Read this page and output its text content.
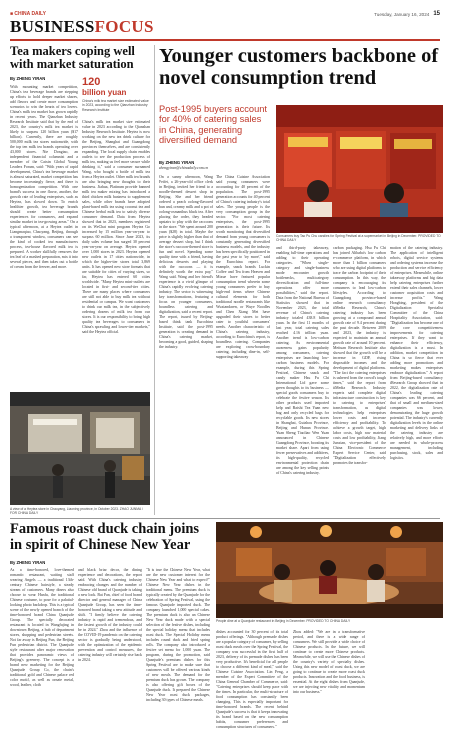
■ CHINA DAILY	Tuesday, January 16, 2024 15
BUSINESSFOCUS
Tea makers coping well with market saturation
By ZHENG YIRAN	120
billion yuan
China's milk tea market size estimated value in 2023, according to the Qianzhan Industry Research Institute
With mounting market competition, China's tea beverage brands are stepping up efforts to hold deeper market shares, add flavors and create more consumption scenarios to win the hearts of tea lovers. China's milk tea market has grown rapidly in recent years. The Qianzhan Industry Research Institute said that by the end of 2023, the country's milk tea market is likely to surpass 120 billion yuan ($17 billion). Currently, there are roughly 500,000 milk tea stores nationwide, with the top ten milk tea brands operating over 43,000 stores. Nie Dongtao, an independent financial columnist and a member of the Caixin Global Young Leaders Forum, said: "With years of rapid development, China's tea beverage market is almost saturated, market competition has become increasingly fierce, and there is homogenization competition. With one brand's success in one flavor, another, the growth rate of leading enterprises, such as Heytea, has slowed down. To enrich healthier growth, tea beverage brands should create better consumption experiences for consumers, and expand similar market in tea-growing areas." On a typical afternoon, at a Heytea outlet in Liangmaqiao, Chaoyang, Beijing, through a transparent window, consumers can see the kind of cooked tea manufacturers process, tea-house flavored milk tea is prepared. A worker skillfully removes the tea leaf of a mashed preparation, mix it into several pieces, and then takes out a bottle of cream from the freezer, and more.
China's milk tea market size estimated value in 2023 according to the Qianzhan Industry Research Institute. Heytea is now working on the new tea drink culture for the Beijing, Shanghai and Guangdong provinces themselves, and are consistently expanding. The local supply chain enables outlets to see the production process of milk tea, making us feel more secure while drinking it," said a consumer surnamed Wang, who bought a bottle of milk tea from a Heytea outlet. Other milk tea brands are also bringing new thoughts to their business. Jiahua, Platinum provide banned milk tea maker mixing has introduced a third chicken milk business to supplement sales, while other brands have adopted plant-based milk tea using coconut tea and Chinese herbal milk tea to satisfy diverse consumer demand. Data from Heytea showed that in 2023, members registered on its WeChat mini program Heytea Go increased by 15 million year-on-year to surpass 60 million. Since June 2023, its daily sales volume has surged 30 percent year-on-year on average. Heytea opened over 1,000 stores in 2023. Heytea opened new outlets in 17 cities nationwide, in which the higher-tier stores total 3,869 units. It has opened new store formats that are suitable for cities of varying sizes, so far, Heytea has entered 60 cities worldwide. "Many Heytea mini-outlets are located in first- and second-tier cities. There are many places where consumers are still not able to buy milk tea without residential or campus. We want customers to drink our milk tea, in the subjectively ordering dozens of milk tea from our stores. It is our responsibility to bring high quality tea beverages to consumers in China's sprawling and lower-tier markets," said the Heytea official.
A view of a Heytea store in Chaoyang, Liaoning province, in October 2023. ZHAO JUNMA / FOR CHINA DAILY
Younger customers backbone of novel consumption trend
Post-1995 buyers account for 40% of catering sales in China, generating diversified demand
By ZHENG YIRAN
zhengyiran@chinadaily.com.cn
On a sunny afternoon, Wang Feifei, a 26-year-old office clerk in Beijing, invited her friend to a noodle-themed dessert shop in Beijing. She and her friend ordered a peach oolong-flavored bun and, creamy milk and a pot of oolong-osmanthus black tea. After placing the order, they headed upstairs to play with the raccoons in the store. "We spent around 200 yuan ($28) in total. Maybe the price is slightly higher than that of average dessert shop, but I think the store's raccoon-themed store is fun and novel. Spending some quality time with a friend, having delicious desserts and playing with the raccoons — it is definitely worth the extra pay," Wang said. Wang and her friend's experience is a vivid glimpse of China's rapidly evolving catering industry. The sector is witnessing key transformations, featuring a focus on younger consumers, boundless catering and digitalization, said a recent report. The report, issued by Beijing-based think tank Eurochina Institute, said the post-1995 generation is creating demand in China's catering market, becoming a good, guided, shaping the industry.
The China Cuisine Association said young consumers were accounting for 40 percent of the population. The post-1995 generation accounts for 40 percent of China's catering industry's total sales. The young people is the very consumption group in the sector. "For most catering enterprises, the post-1995 generation is their future. Its worth monitoring that diversified demand from young consumers is constantly generating diversified business models, and the industry has been specifically positioned in the past year to 'try more'," said the Eurochina report. For example, snack brands Luckin Coffee and Tea from Heaven and Mixue have featured popular consumption trend wherein some young consumers prefer to buy high-end items where Chinese cultural elements for both traditional noodle restaurants like Wuxiandaren, or Wuye Noodles and Chen Xiang Mei have upgraded their stores to better cater to youthful consumers' needs. Another characteristic of China's catering industry, according to Eurochina's report, is boundless catering. Companies are exploring cross-boundary catering, including dine-in, self-supporting takeaway
Consumers buy Tao Pu Chu candies for Spring Festival at a supermarket in Beijing in December. PROVIDED TO CHINA DAILY
and third-party takeaway, enabling full-time operations and adding to their operating categories. "When single-category and single-business mode encounter growth bottlenecks, multicategory diversification and full-time operations offer more possibilities," said the report. Data from the National Bureau of Statistics showed that in November 2023, the total revenue of China's catering industry totaled 438.8 billion yuan. In the first 11 months of last year, total catering sales reached 4.16 trillion yuan. Another trend is low-carbon catering. As environmental awareness gains popularity among consumers, catering enterprises are launching low-carbon business models. For example, during this Spring Festival, Chinese snack and candy maker Hsu Fu Chi International Ltd gave some green thoughts to its business — special goods consumers buy to celebrate the festive season. Its other products used imported kelp and Baishi Tea Yuan new bag and only recycled bags for recyclable goods. Its new stores in Shanghai, Guizhou Province, Beijing and Hunan Province. Yuan Sheng Tiaoliao Wen Yuan announced in Chinese Guangdong Province, boosting its market share. Apart from using fewer preservatives and additives, its high-quality, recycled environmental protection chain are among the key selling points of China's catering industry.
carbon packaging. Hsu Fu Chi has joined Alibaba's low carbon e-commerce platform, in which more than 1 billion consumers who are using digital platforms to trace the carbon footprint of their consumption. In this way, the company is encouraging its consumers to lead low-carbon lifestyles. According to Guangdong province-based online research consultancy iiMedia Research, China's catering industry has been growing at a compound annual growth rate of 9.4 percent during the past decade. Between 2009 and 2023, the industry is expected to maintain an annual growth rate of around 10 percent. Meituan Research Institute also showed that the growth will be a increase in GDP, rising disposable incomes and the development of digital platforms. "The fact the catering enterprises is ushered from the crowd's tough times," said the report from iiMedia Research. Industry experts said complete digital infrastructure construction is key to catering to enterprises' transformation, as digital technologies help enterprises lower costs and increase efficiency and profitability. To achieve a growth target, high labor costs, high raw material costs and low profitability, Jiang Junxian, vice-president of the China Electronic Commerce Expert Service Center, said "Digitalization effectively promotes the transfor-
mation of the catering industry. The application of intelligent robots, digital service systems and ordering systems increase the production and service efficiency of enterprises. Meanwhile, online takeaway platforms and big data help catering enterprises further extend their sales channels, lower customer acquisition costs and increase profits." Wang Hongbing, president of the Digitalization Specialist Committee of the China Hospitality Association, said: "Digitalization has become one of the core competitiveness improvements for catering enterprises. If they want to enhance their efficiency, digitalization is a must. In addition, market competition in China is so fierce that ever adding more promotions and marketing makes enterprises embrace digitalization." A report from Beijing-based consultancy iResearch Group showed that in 2022, the digitalization rate of China's leading catering companies was 66 percent, and that of small and medium-sized companies was lower, demonstrating the huge growth potential. The industry's currently digitalization levels in the online marketing and delivery links of the catering industry are relatively high, and more efforts are needed in whole-process management, including purchasing, stock, sales and logistics.
Famous roast duck chain joins in spirit of Chinese New Year
By ZHENG YIRAN
As a time-honored, love-themed romantic restaurant, waiting staff wearing Angels — a traditional 13th-century Chinese hairstyle, a steady stream of customers. Many diners also choose to wear Hanfu, the traditional Chinese costume, to pose for a palatial-looking photo backdrop. This is a typical scene of the newly opened branch of the time-honored brand China Quanjude Group. The specially decorated restaurant is located in Wangfujing in downtown Beijing, a hub of department stores, shopping and pedestrian streets. Not far away is Beijing Fun, the Beijing Fun pedestrian district. The Quanjude style restaurant after major renovation that provides panoramic views of Beijing's greenery. The concept is a brand new marketing for the Beijing Quanjude Group Co, the chain's traditional gold and Chinese palace red color motif, as well as ornate metal, wood, leather, cloth
and black briar decor, the dining experience and decorations, the report said. With China's catering industry embracing changes and the number of Chinese old brand of Quanjude is taking a new look. Bai Fan, chief of food brand director and general manager of China Quanjude Group, has seen the time-honored brand taking a new attitude and shift. "I firmly believe the catering industry is rapid and tremendous, and the fastest growth of the industry could be in 2024." Zhou and the influence of the COVID-19 pandemic on the catering sector is gradually being understood, with the optimization of the epidemic prevention and control measures, the catering industry will certainly rise back in 2024.
"It is true the Chinese New Year, what are the new customer interest for the Chinese New Year and what to expect?" Chinese New Year dishes in the traditional menu. The premium duck is typically created by the Quanjude for the celebration of Spring Festival, using the famous Quanjude imported duck. The company launched 1,000 special cakes. The premium duck is also an Chinese New Year duck made with a special selection of the festive dishes, including the special holiday menu that includes roast duck. The Special Holiday menu includes round duck and fried spring rolls. The company also introduced a festive set menu for 1,000 yuan. The program, during the promotion, said Quanjude's premium dishes for this Spring Festival are to make sure that customers will be offered various kinds of new meals. The demand for the premium duck has grown. The company is also offering gift boxes of the Quanjude duck. It prepared the Chinese New Year roast duck packages, including 30 types of Chinese meals.
People dine at a Quanjude restaurant in Beijing in December. PROVIDED TO CHINA DAILY
dishes accounted for 30 percent of its total product offerings. "Although premade dishes are a popular category of consumer, by selling roast duck meals over the Spring Festival, the company was successful in the first half of 2023, delivery of its premade dishes has been very productive. It's beneficial for all people to choose a different kind of meal," said the Chinese Cuisine Association. Lin Feng, a member of the Expert Committee of the China General Chamber of Commerce, said: "Catering enterprises should keep pace with the times. In particular, the multi-structure of food consumption has constantly been changing. This is especially important for time-honored brands. The recent behind Quanjude's success is that it keeps innovating its brand based on the new consumption habits, consumer preferences and consumption structures of consumers."
Zhou added: "We are in a transformative period, and there is a wide range of consumers. We still provide a wide choice of Chinese products. In the future, we will continue to create more Chinese products. Meanwhile, we will use the Chinese dishes of the country's variety of specialty dishes. Using this new model of roast duck, we are going to continue to create more roast duck products. Innovation and the food business, is essential. At the eight dishes from Quanjude, we are injecting new vitality and momentum into our business."
